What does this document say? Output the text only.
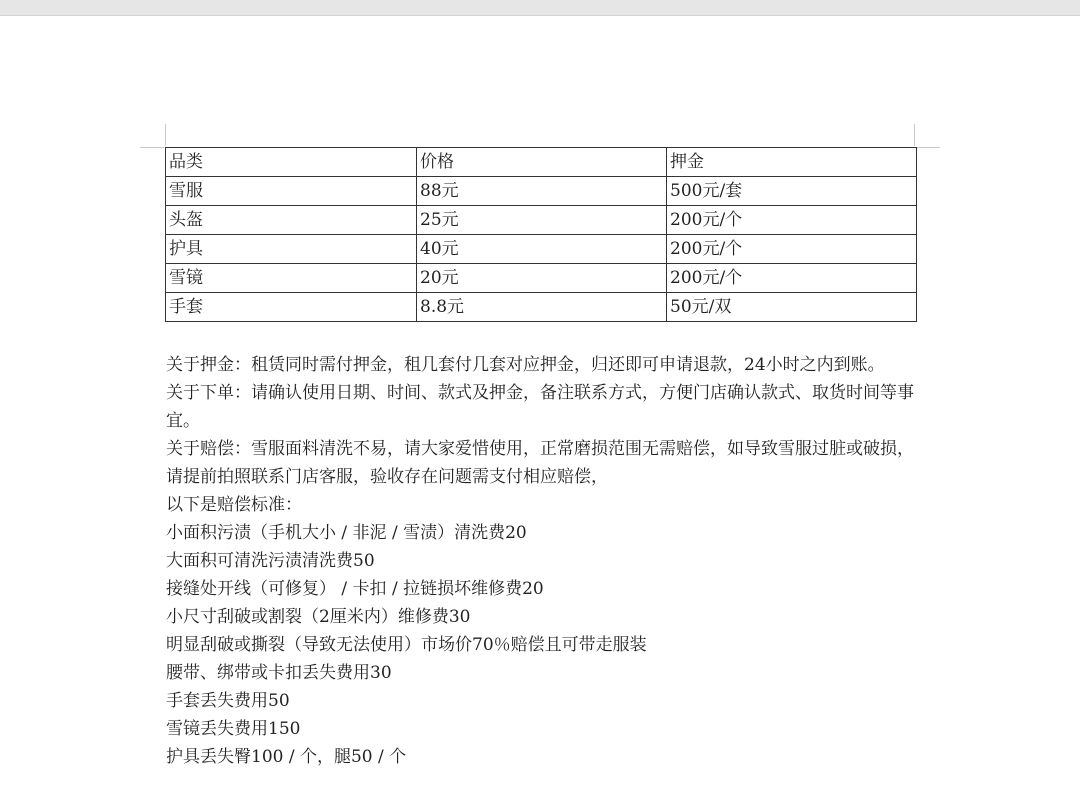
品类	价格	押金
雪服	88元	500元/套
头盔	25元	200元/个
护具	40元	200元/个
雪镜	20元	200元/个
手套	8.8元	50元/双

关于押金：租赁同时需付押金，租几套付几套对应押金，归还即可申请退款，24小时之内到账。

关于下单：请确认使用日期、时间、款式及押金，备注联系方式，方便门店确认款式、取货时间等事宜。

关于赔偿：雪服面料清洗不易，请大家爱惜使用，正常磨损范围无需赔偿，如导致雪服过脏或破损，请提前拍照联系门店客服，验收存在问题需支付相应赔偿，

以下是赔偿标准：

小面积污渍（手机大小 / 非泥 / 雪渍）清洗费20

大面积可清洗污渍清洗费50

接缝处开线（可修复） / 卡扣 / 拉链损坏维修费20

小尺寸刮破或割裂（2厘米内）维修费30

明显刮破或撕裂（导致无法使用）市场价70％赔偿且可带走服装

腰带、绑带或卡扣丢失费用30

手套丢失费用50

雪镜丢失费用150

护具丢失臀100 / 个，腿50 / 个
